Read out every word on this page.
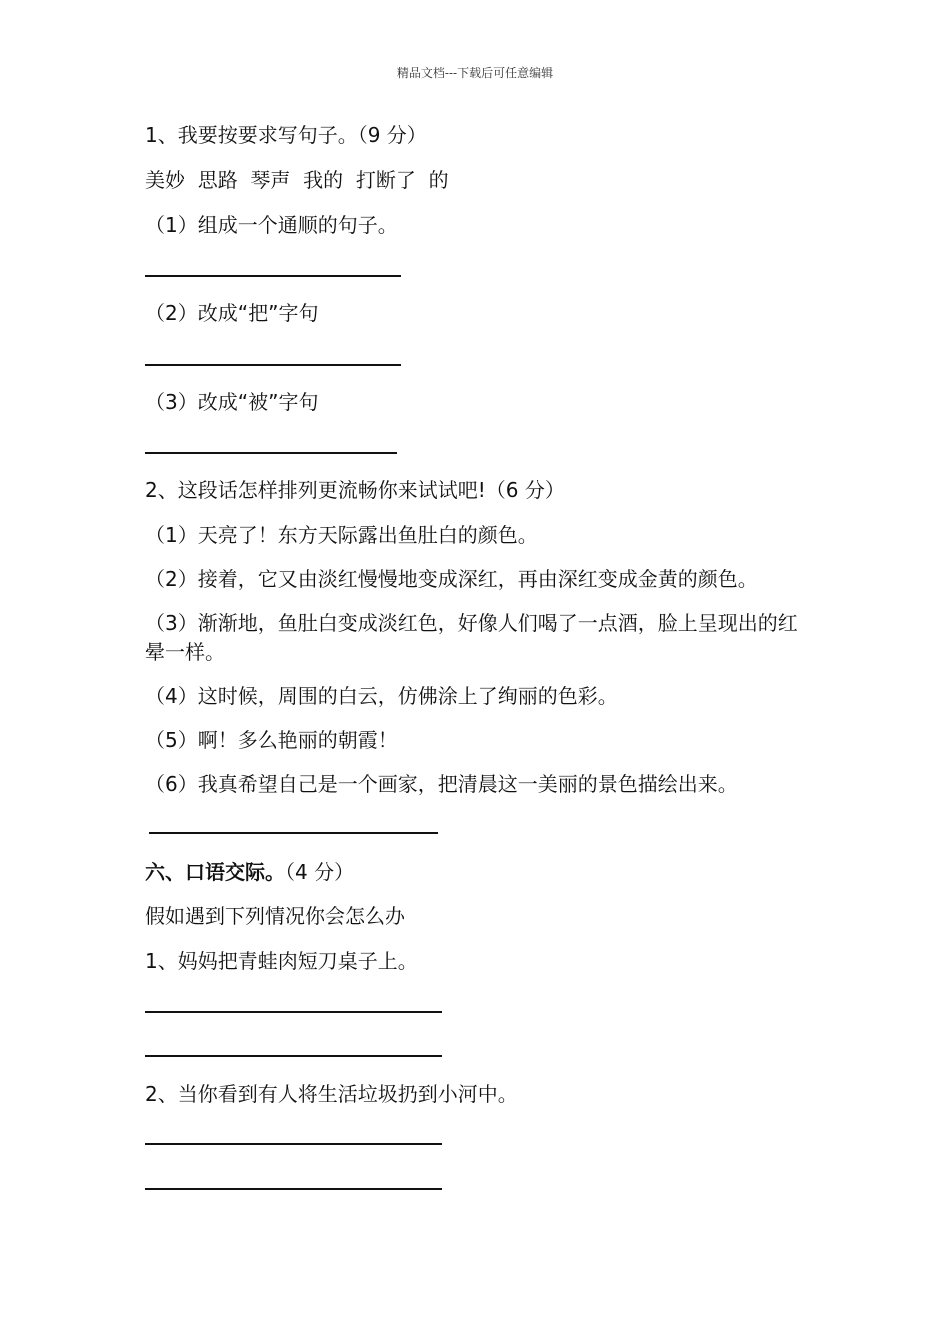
精品文档---下载后可任意编辑
1、我要按要求写句子。（9 分）
美妙  思路  琴声  我的  打断了  的
（1）组成一个通顺的句子。
（2）改成“把”字句
（3）改成“被”字句
2、这段话怎样排列更流畅你来试试吧!（6 分）
（1）天亮了！东方天际露出鱼肚白的颜色。
（2）接着，它又由淡红慢慢地变成深红，再由深红变成金黄的颜色。
（3）渐渐地，鱼肚白变成淡红色，好像人们喝了一点酒，脸上呈现出的红晕一样。
（4）这时候，周围的白云，仿佛涂上了绚丽的色彩。
（5）啊！多么艳丽的朝霞！
（6）我真希望自己是一个画家，把清晨这一美丽的景色描绘出来。
六、口语交际。（4 分）
假如遇到下列情况你会怎么办
1、妈妈把青蛙肉短刀桌子上。
2、当你看到有人将生活垃圾扔到小河中。
